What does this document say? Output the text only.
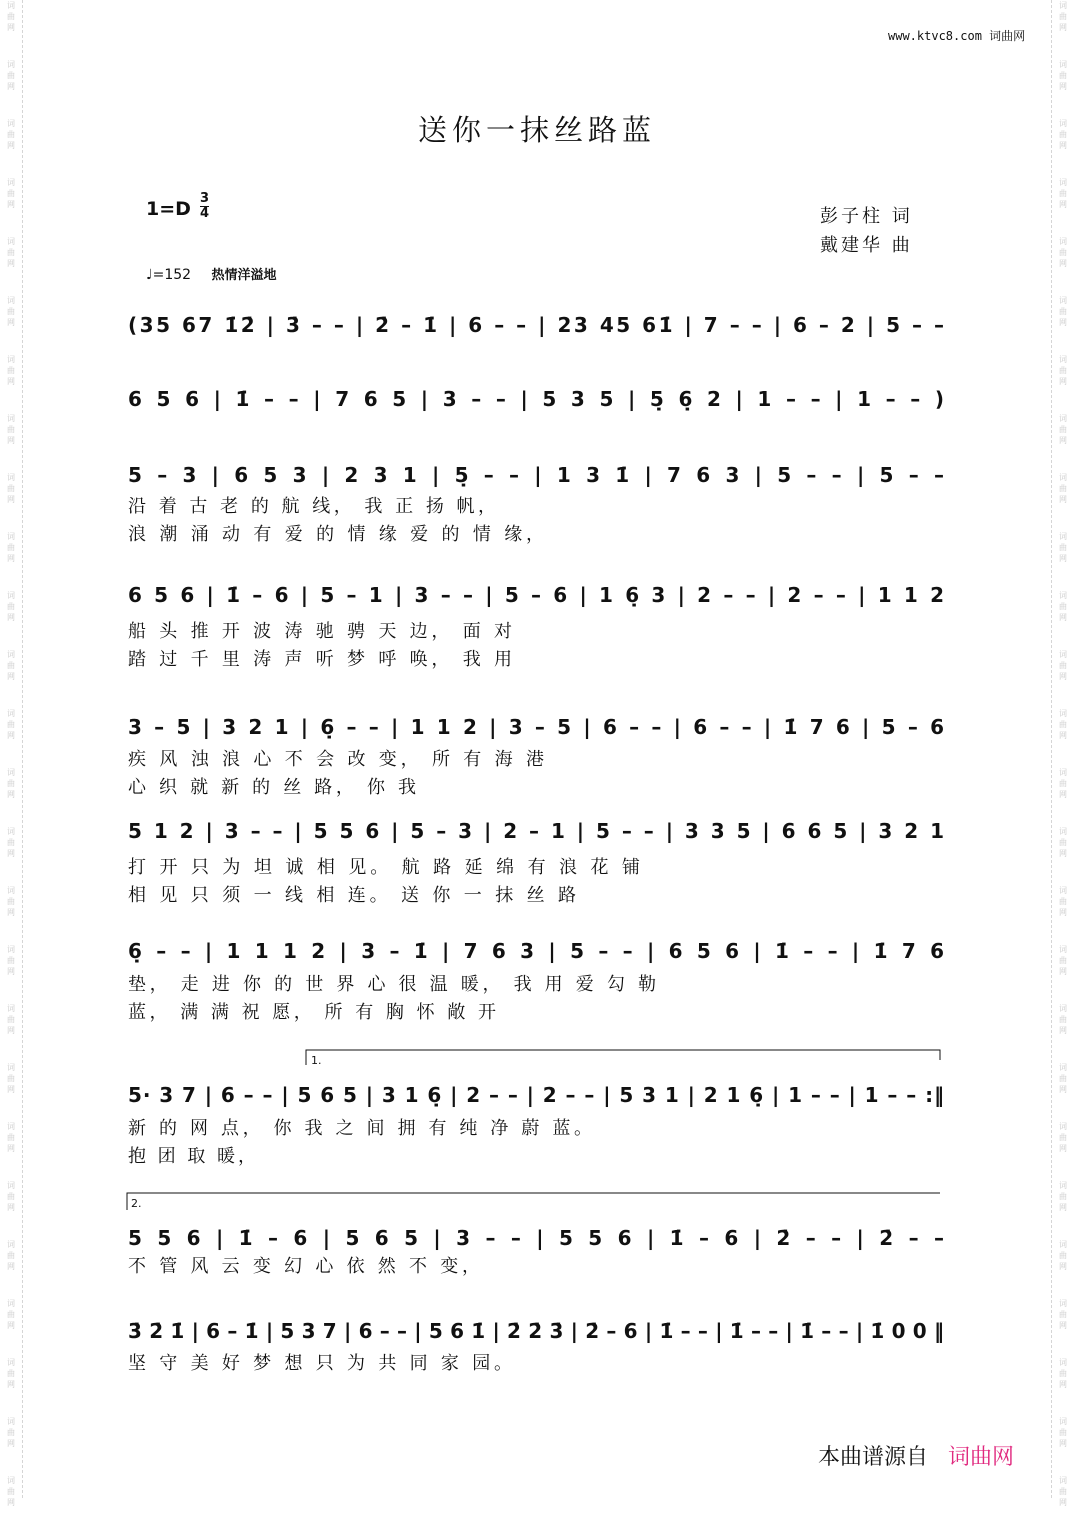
词
曲
网
词
曲
网
词
曲
网
词
曲
网
词
曲
网
词
曲
网
词
曲
网
词
曲
网
词
曲
网
词
曲
网
词
曲
网
词
曲
网
词
曲
网
词
曲
网
词
曲
网
词
曲
网
词
曲
网
词
曲
网
词
曲
网
词
曲
网
词
曲
网
词
曲
网
词
曲
网
词
曲
网
词
曲
网
词
曲
网
词
曲
网
词
曲
网
词
曲
网
词
曲
网
词
曲
网
词
曲
网
词
曲
网
词
曲
网
词
曲
网
词
曲
网
词
曲
网
词
曲
网
词
曲
网
词
曲
网
词
曲
网
词
曲
网
词
曲
网
词
曲
网
词
曲
网
词
曲
网
词
曲
网
词
曲
网
词
曲
网
词
曲
网
词
曲
网
词
曲
网
www.ktvc8.com 词曲网
送你一抹丝路蓝
1=D 3
4	彭子柱 词
戴建华 曲
♩=152 热情洋溢地
1.
2.
(35 67 1̇2̇ | 3̇ – – | 2̇ – 1̇ | 6 – – | 23 45 61̇ | 7 – – | 6 – 2 | 5 – –
6 5 6 | 1̇ – – | 7 6 5 | 3 – – | 5 3 5 | 5̣ 6̣ 2 | 1 – – | 1 – – )
5 – 3 | 6 5 3 | 2 3 1 | 5̣ – – | 1 3 1̇ | 7 6 3 | 5 – – | 5 – –
沿 着 古 老 的 航 线， 我 正 扬 帆，
浪 潮 涌 动 有 爱 的 情 缘 爱 的 情 缘，
6 5 6 | 1̇ – 6 | 5 – 1 | 3 – – | 5 – 6 | 1 6̣ 3 | 2 – – | 2 – – | 1 1 2
船 头 推 开 波 涛 驰 骋 天 边， 面 对
踏 过 千 里 涛 声 听 梦 呼 唤， 我 用
3 – 5 | 3 2 1 | 6̣ – – | 1 1 2 | 3 – 5 | 6 – – | 6 – – | 1̇ 7 6 | 5 – 6
疾 风 浊 浪 心 不 会 改 变， 所 有 海 港
心 织 就 新 的 丝 路， 你 我
5 1 2 | 3 – – | 5 5 6 | 5 – 3 | 2 – 1 | 5 – – | 3 3 5 | 6 6 5 | 3 2 1
打 开 只 为 坦 诚 相 见。 航 路 延 绵 有 浪 花 铺
相 见 只 须 一 线 相 连。 送 你 一 抹 丝 路
6̣ – – | 1 1 1 2 | 3 – 1̇ | 7 6 3 | 5 – – | 6 5 6 | 1̇ – – | 1̇ 7 6
垫， 走 进 你 的 世 界 心 很 温 暖， 我 用 爱 勾 勒
蓝， 满 满 祝 愿， 所 有 胸 怀 敞 开
5· 3 7 | 6 – – | 5 6 5 | 3 1 6̣ | 2 – – | 2 – – | 5 3 1 | 2 1 6̣ | 1 – – | 1 – – :‖
新 的 网 点， 你 我 之 间 拥 有 纯 净 蔚 蓝。
抱 团 取 暖，
5 5 6 | 1̇ – 6 | 5 6 5 | 3 – – | 5 5 6 | 1̇ – 6 | 2̇ – – | 2̇ – –
不 管 风 云 变 幻 心 依 然 不 变，
3̇ 2̇ 1̇ | 6 – 1̇ | 5 3 7 | 6 – – | 5 6 1̇ | 2̇ 2̇ 3̇ | 2̇ – 6 | 1̇ – – | 1̇ – – | 1̇ – – | 1̇ 0 0 ‖
坚 守 美 好 梦 想 只 为 共 同 家 园。
本曲谱源自 词曲网
